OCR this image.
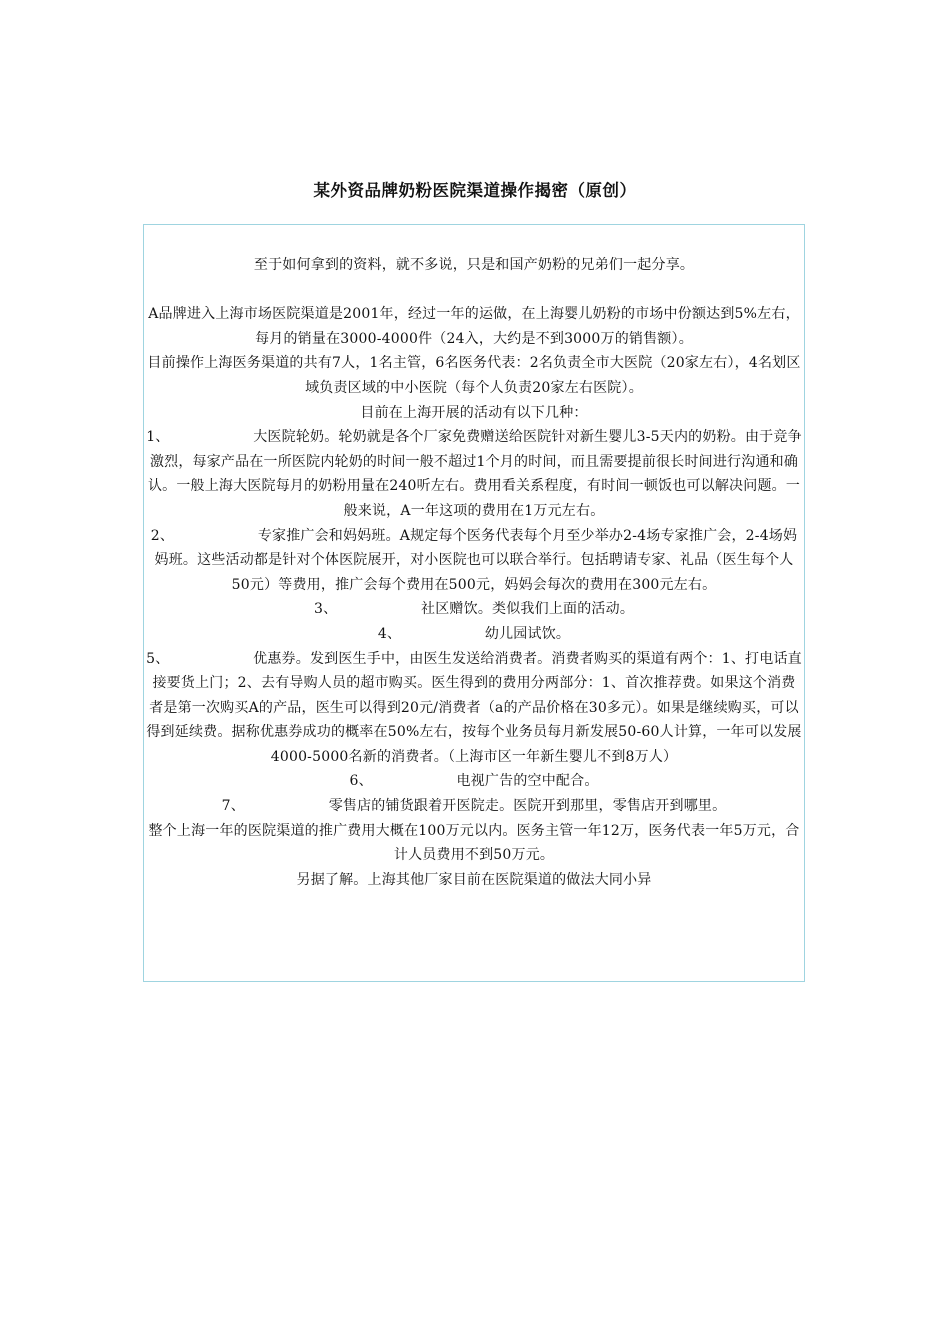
某外资品牌奶粉医院渠道操作揭密（原创）

至于如何拿到的资料，就不多说，只是和国产奶粉的兄弟们一起分享。

A品牌进入上海市场医院渠道是2001年，经过一年的运做，在上海婴儿奶粉的市场中份额达到5%左右，每月的销量在3000-4000件（24入，大约是不到3000万的销售额）。

目前操作上海医务渠道的共有7人，1名主管，6名医务代表：2名负责全市大医院（20家左右），4名划区域负责区域的中小医院（每个人负责20家左右医院）。

目前在上海开展的活动有以下几种：

1、	大医院轮奶。轮奶就是各个厂家免费赠送给医院针对新生婴儿3-5天内的奶粉。由于竞争激烈，每家产品在一所医院内轮奶的时间一般不超过1个月的时间，而且需要提前很长时间进行沟通和确认。一般上海大医院每月的奶粉用量在240听左右。费用看关系程度，有时间一顿饭也可以解决问题。一般来说，A一年这项的费用在1万元左右。

2、	专家推广会和妈妈班。A规定每个医务代表每个月至少举办2-4场专家推广会，2-4场妈妈班。这些活动都是针对个体医院展开，对小医院也可以联合举行。包括聘请专家、礼品（医生每个人50元）等费用，推广会每个费用在500元，妈妈会每次的费用在300元左右。

3、	社区赠饮。类似我们上面的活动。

4、	幼儿园试饮。

5、	优惠券。发到医生手中，由医生发送给消费者。消费者购买的渠道有两个：1、打电话直接要货上门；2、去有导购人员的超市购买。医生得到的费用分两部分：1、首次推荐费。如果这个消费者是第一次购买A的产品，医生可以得到20元/消费者（a的产品价格在30多元）。如果是继续购买，可以得到延续费。据称优惠券成功的概率在50%左右，按每个业务员每月新发展50-60人计算，一年可以发展4000-5000名新的消费者。（上海市区一年新生婴儿不到8万人）

6、	电视广告的空中配合。

7、	零售店的铺货跟着开医院走。医院开到那里，零售店开到哪里。

整个上海一年的医院渠道的推广费用大概在100万元以内。医务主管一年12万，医务代表一年5万元，合计人员费用不到50万元。

另据了解。上海其他厂家目前在医院渠道的做法大同小异
